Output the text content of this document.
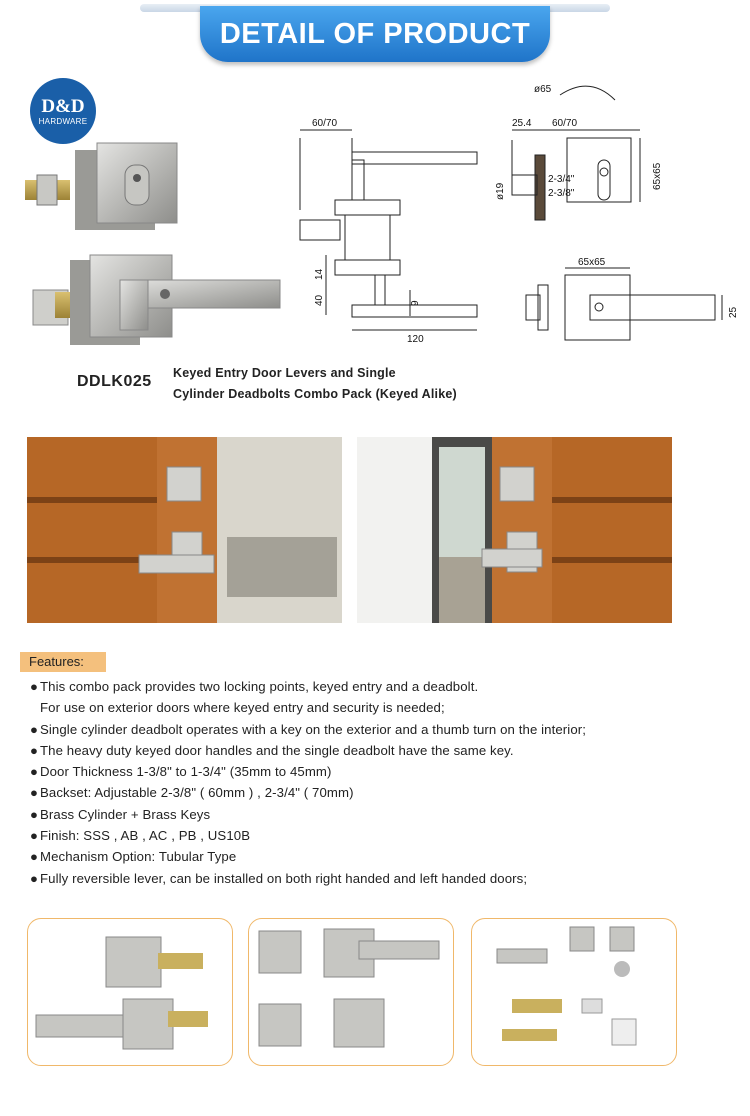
DETAIL OF PRODUCT
D&D
HARDWARE	60/70
ø65
25.4 60/70
ø19
2-3/4"
2-3/8"
65x65
65x65
14
40	9
120
25
DDLK025 Keyed Entry Door Levers and Single
Cylinder Deadbolts Combo Pack (Keyed Alike)
Features:
● This combo pack provides two locking points, keyed entry and a deadbolt.
For use on exterior doors where keyed entry and security is needed;
● Single cylinder deadbolt operates with a key on the exterior and a thumb turn on the interior;
● The heavy duty keyed door handles and the single deadbolt have the same key.
● Door Thickness 1-3/8" to 1-3/4" (35mm to 45mm)
● Backset: Adjustable 2-3/8" ( 60mm ) , 2-3/4" ( 70mm)
● Brass Cylinder + Brass Keys
● Finish: SSS , AB , AC , PB , US10B
● Mechanism Option: Tubular Type
● Fully reversible lever, can be installed on both right handed and left handed doors;
